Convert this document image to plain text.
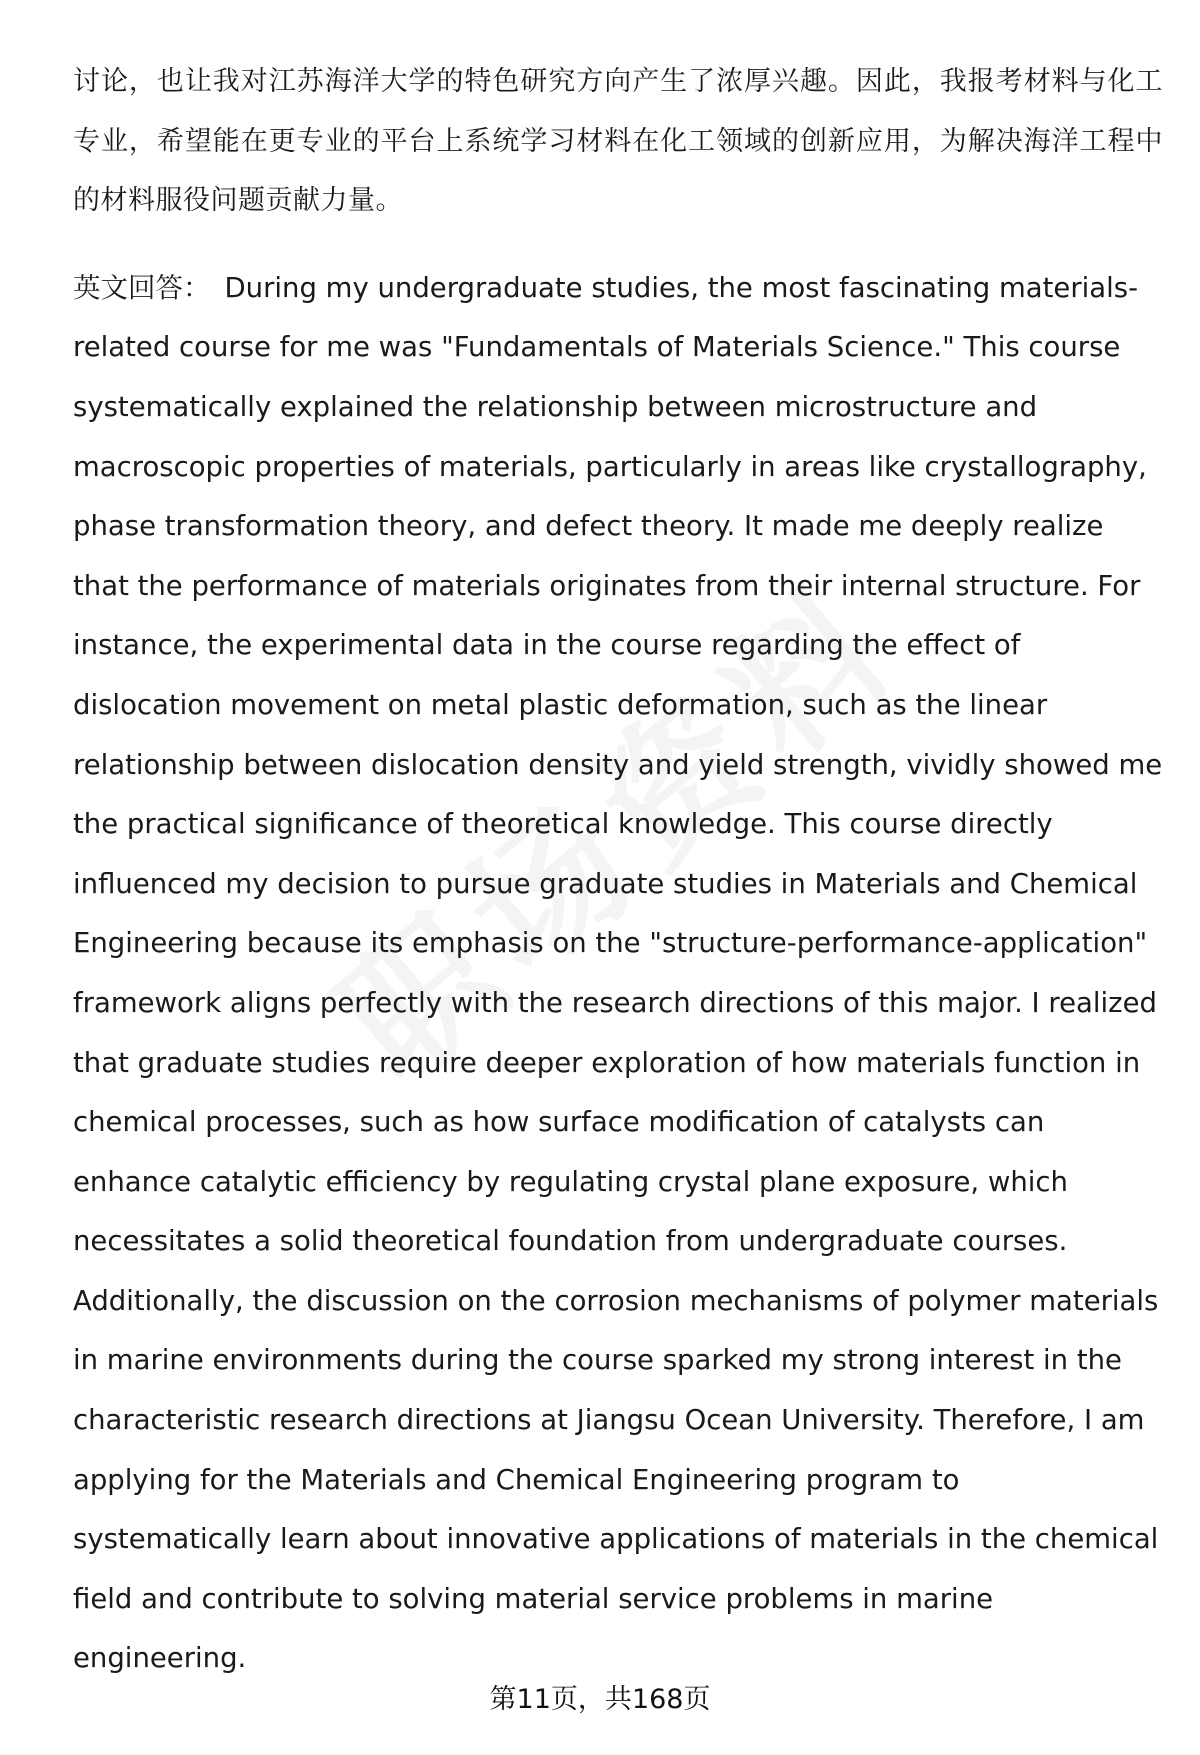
讨论，也让我对江苏海洋大学的特色研究方向产生了浓厚兴趣。因此，我报考材料与化工专业，希望能在更专业的平台上系统学习材料在化工领域的创新应用，为解决海洋工程中的材料服役问题贡献力量。

英文回答： During my undergraduate studies, the most fascinating materials-related course for me was "Fundamentals of Materials Science." This course systematically explained the relationship between microstructure and macroscopic properties of materials, particularly in areas like crystallography, phase transformation theory, and defect theory. It made me deeply realize that the performance of materials originates from their internal structure. For instance, the experimental data in the course regarding the effect of dislocation movement on metal plastic deformation, such as the linear relationship between dislocation density and yield strength, vividly showed me the practical significance of theoretical knowledge. This course directly influenced my decision to pursue graduate studies in Materials and Chemical Engineering because its emphasis on the "structure-performance-application" framework aligns perfectly with the research directions of this major. I realized that graduate studies require deeper exploration of how materials function in chemical processes, such as how surface modification of catalysts can enhance catalytic efficiency by regulating crystal plane exposure, which necessitates a solid theoretical foundation from undergraduate courses. Additionally, the discussion on the corrosion mechanisms of polymer materials in marine environments during the course sparked my strong interest in the characteristic research directions at Jiangsu Ocean University. Therefore, I am applying for the Materials and Chemical Engineering program to systematically learn about innovative applications of materials in the chemical field and contribute to solving material service problems in marine engineering.

第11页，共168页
